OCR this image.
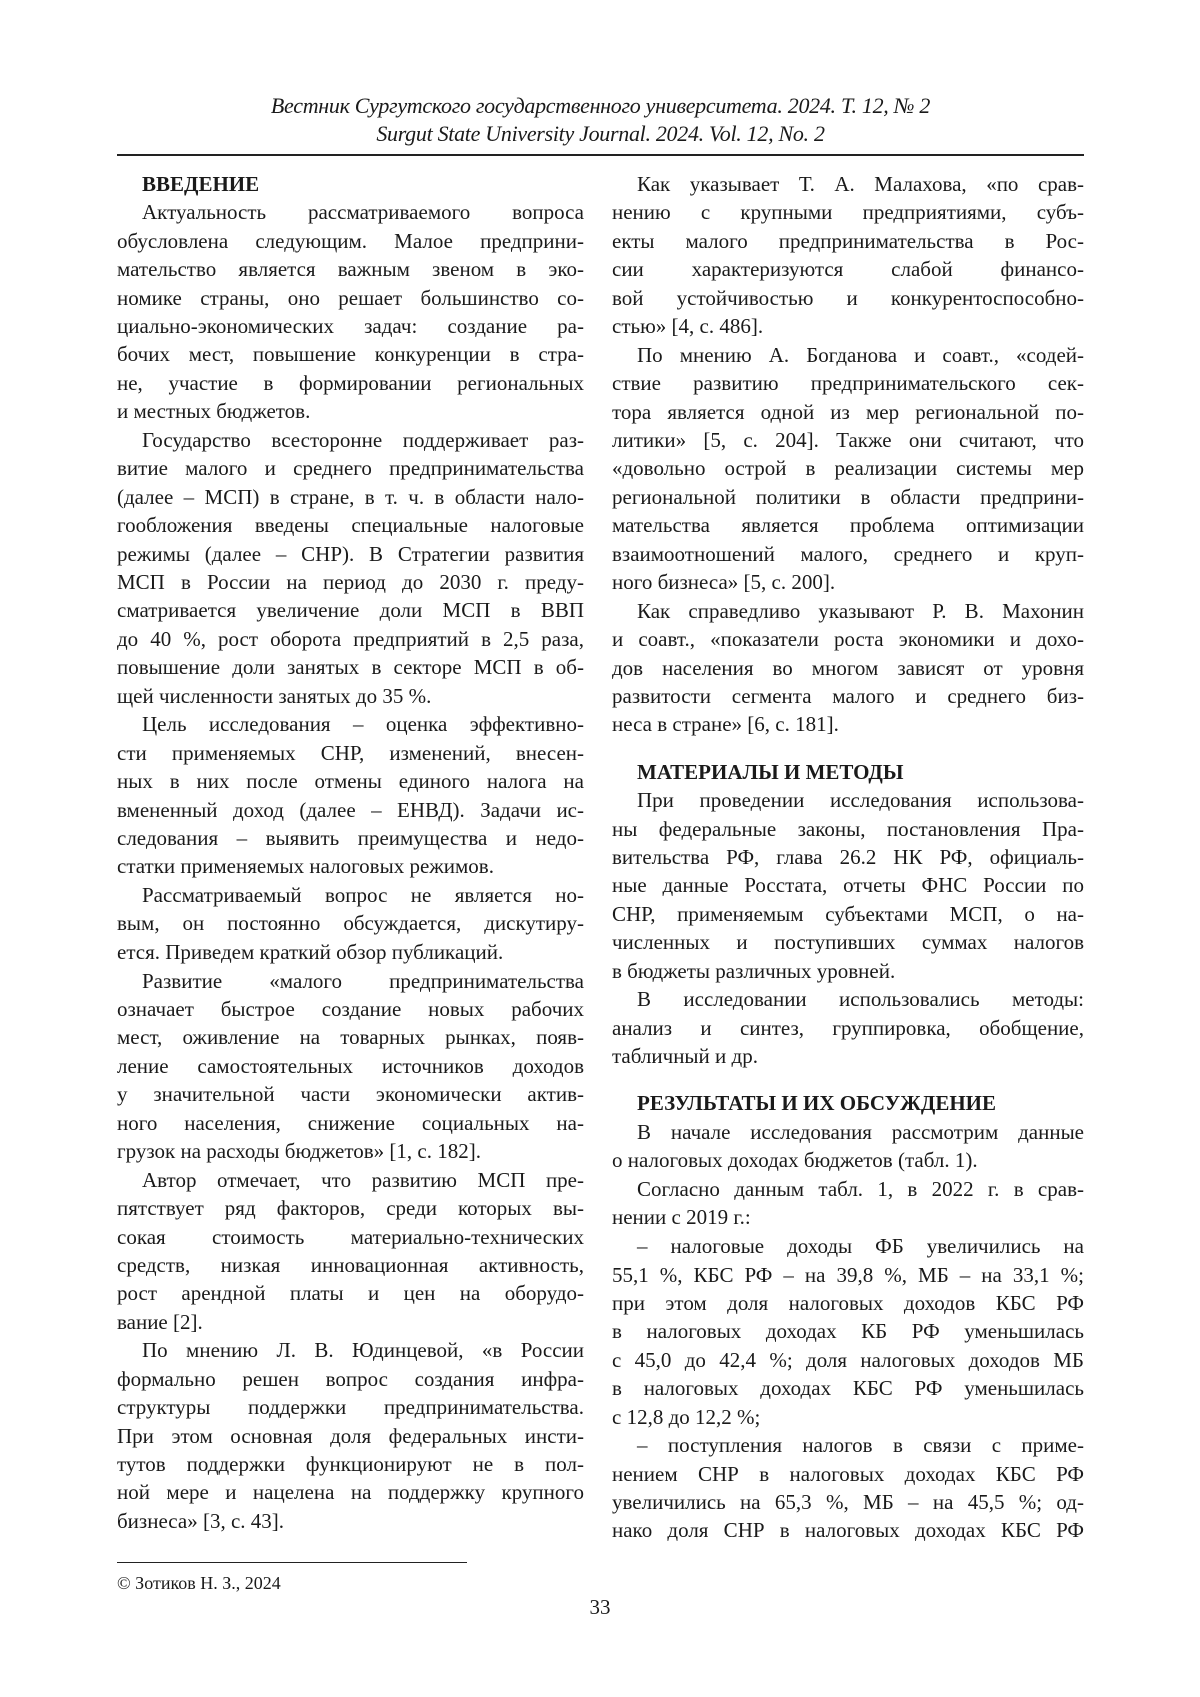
Вестник Сургутского государственного университета. 2024. Т. 12, № 2
Surgut State University Journal. 2024. Vol. 12, No. 2
ВВЕДЕНИЕ
Актуальность рассматриваемого вопроса
обусловлена следующим. Малое предприни-
мательство является важным звеном в эко-
номике страны, оно решает большинство со-
циально-экономических задач: создание ра-
бочих мест, повышение конкуренции в стра-
не, участие в формировании региональных
и местных бюджетов.
Государство всесторонне поддерживает раз-
витие малого и среднего предпринимательства
(далее – МСП) в стране, в т. ч. в области нало-
гообложения введены специальные налоговые
режимы (далее – СНР). В Стратегии развития
МСП в России на период до 2030 г. преду-
сматривается увеличение доли МСП в ВВП
до 40 %, рост оборота предприятий в 2,5 раза,
повышение доли занятых в секторе МСП в об-
щей численности занятых до 35 %.
Цель исследования – оценка эффективно-
сти применяемых СНР, изменений, внесен-
ных в них после отмены единого налога на
вмененный доход (далее – ЕНВД). Задачи ис-
следования – выявить преимущества и недо-
статки применяемых налоговых режимов.
Рассматриваемый вопрос не является но-
вым, он постоянно обсуждается, дискутиру-
ется. Приведем краткий обзор публикаций.
Развитие «малого предпринимательства
означает быстрое создание новых рабочих
мест, оживление на товарных рынках, появ-
ление самостоятельных источников доходов
у значительной части экономически актив-
ного населения, снижение социальных на-
грузок на расходы бюджетов» [1, с. 182].
Автор отмечает, что развитию МСП пре-
пятствует ряд факторов, среди которых вы-
сокая стоимость материально-технических
средств, низкая инновационная активность,
рост арендной платы и цен на оборудо-
вание [2].
По мнению Л. В. Юдинцевой, «в России
формально решен вопрос создания инфра-
структуры поддержки предпринимательства.
При этом основная доля федеральных инсти-
тутов поддержки функционируют не в пол-
ной мере и нацелена на поддержку крупного
бизнеса» [3, с. 43].
Как указывает Т. А. Малахова, «по срав-
нению с крупными предприятиями, субъ-
екты малого предпринимательства в Рос-
сии характеризуются слабой финансо-
вой устойчивостью и конкурентоспособно-
стью» [4, с. 486].
По мнению А. Богданова и соавт., «содей-
ствие развитию предпринимательского сек-
тора является одной из мер региональной по-
литики» [5, с. 204]. Также они считают, что
«довольно острой в реализации системы мер
региональной политики в области предприни-
мательства является проблема оптимизации
взаимоотношений малого, среднего и круп-
ного бизнеса» [5, с. 200].
Как справедливо указывают Р. В. Махонин
и соавт., «показатели роста экономики и дохо-
дов населения во многом зависят от уровня
развитости сегмента малого и среднего биз-
неса в стране» [6, с. 181].
МАТЕРИАЛЫ И МЕТОДЫ
При проведении исследования использова-
ны федеральные законы, постановления Пра-
вительства РФ, глава 26.2 НК РФ, официаль-
ные данные Росстата, отчеты ФНС России по
СНР, применяемым субъектами МСП, о на-
численных и поступивших суммах налогов
в бюджеты различных уровней.
В исследовании использовались методы:
анализ и синтез, группировка, обобщение,
табличный и др.
РЕЗУЛЬТАТЫ И ИХ ОБСУЖДЕНИЕ
В начале исследования рассмотрим данные
о налоговых доходах бюджетов (табл. 1).
Согласно данным табл. 1, в 2022 г. в срав-
нении с 2019 г.:
– налоговые доходы ФБ увеличились на
55,1 %, КБС РФ – на 39,8 %, МБ – на 33,1 %;
при этом доля налоговых доходов КБС РФ
в налоговых доходах КБ РФ уменьшилась
с 45,0 до 42,4 %; доля налоговых доходов МБ
в налоговых доходах КБС РФ уменьшилась
с 12,8 до 12,2 %;
– поступления налогов в связи с приме-
нением СНР в налоговых доходах КБС РФ
увеличились на 65,3 %, МБ – на 45,5 %; од-
нако доля СНР в налоговых доходах КБС РФ
© Зотиков Н. З., 2024
33
